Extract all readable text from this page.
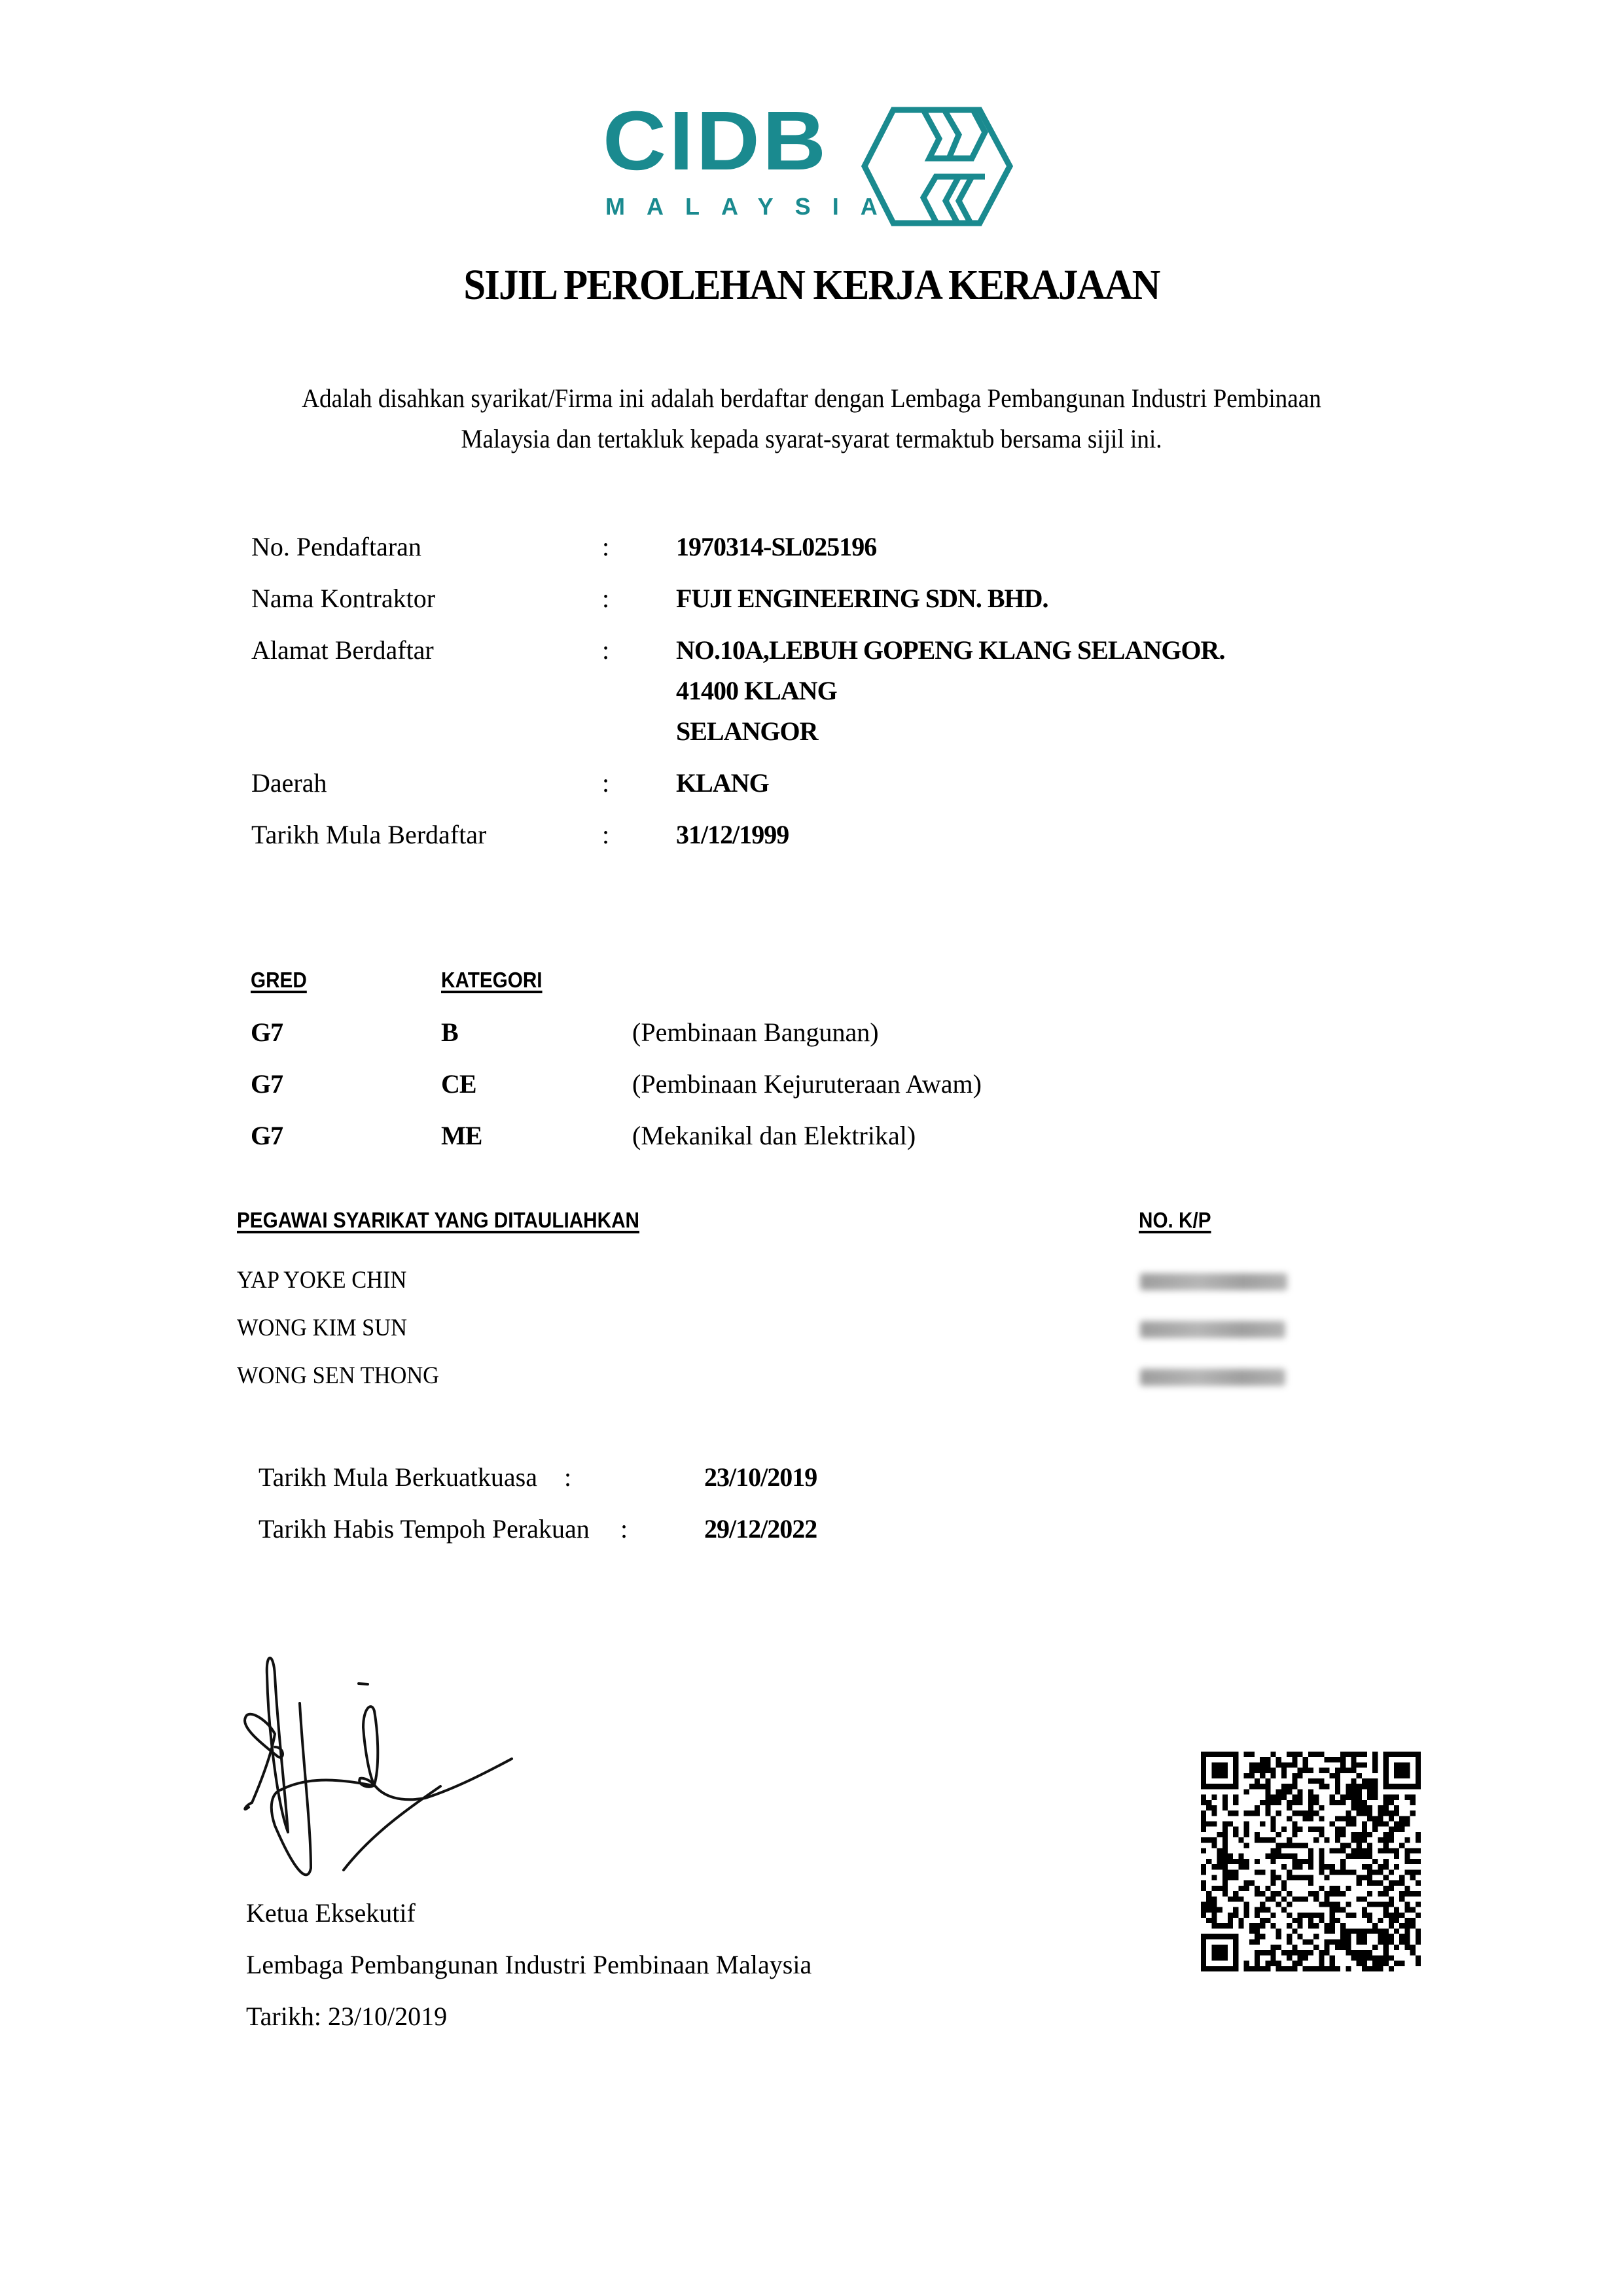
CIDB
MALAYSIA
SIJIL PEROLEHAN KERJA KERAJAAN
Adalah disahkan syarikat/Firma ini adalah berdaftar dengan Lembaga Pembangunan Industri Pembinaan
Malaysia dan tertakluk kepada syarat-syarat termaktub bersama sijil ini.
No. Pendaftaran	:	1970314-SL025196
Nama Kontraktor	:	FUJI ENGINEERING SDN. BHD.
Alamat Berdaftar	:	NO.10A,LEBUH GOPENG KLANG SELANGOR.
41400 KLANG
SELANGOR
Daerah	:	KLANG
Tarikh Mula Berdaftar	:	31/12/1999
GRED	KATEGORI
G7	B	(Pembinaan Bangunan)
G7	CE	(Pembinaan Kejuruteraan Awam)
G7	ME	(Mekanikal dan Elektrikal)
PEGAWAI SYARIKAT YANG DITAULIAHKAN	NO. K/P
YAP YOKE CHIN
WONG KIM SUN
WONG SEN THONG
Tarikh Mula Berkuatkuasa :	23/10/2019
Tarikh Habis Tempoh Perakuan :	29/12/2022
Ketua Eksekutif
Lembaga Pembangunan Industri Pembinaan Malaysia
Tarikh: 23/10/2019
